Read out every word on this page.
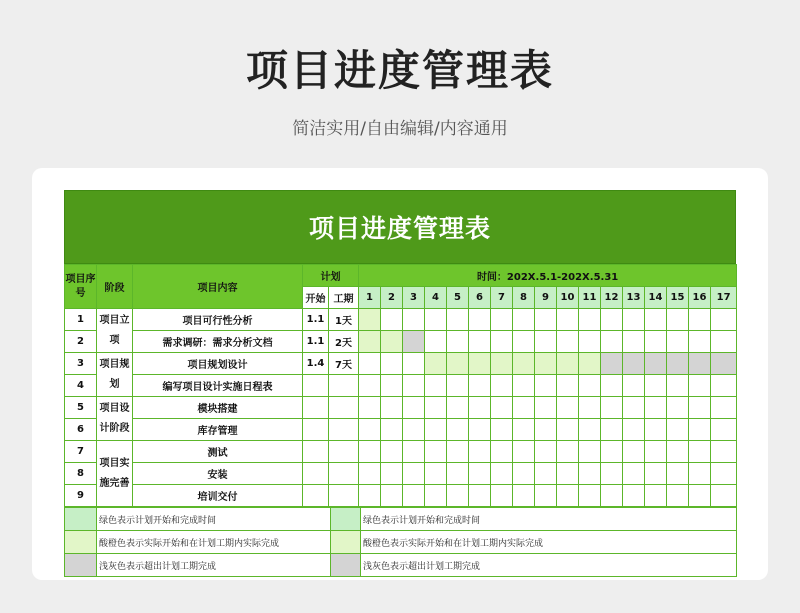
项目进度管理表
简洁实用/自由编辑/内容通用
项目进度管理表
项目序号	阶段	项目内容	计划		时间：202X.5.1-202X.5.31																
			开始	工期	1	2	3	4	5	6	7	8	9	10	11	12	13	14	15	16	17
1	项目立项	项目可行性分析	1.1	1天																	
2		需求调研：需求分析文档	1.1	2天																	
3	项目规划	项目规划设计	1.4	7天																	
4		编写项目设计实施日程表																			
5	项目设计阶段	模块搭建																			
6		库存管理																			
7	项目实施完善	测试																			
8		安装																			
9		培训交付																			
	绿色表示计划开始和完成时间		绿色表示计划开始和完成时间
	酸橙色表示实际开始和在计划工期内实际完成		酸橙色表示实际开始和在计划工期内实际完成
	浅灰色表示超出计划工期完成		浅灰色表示超出计划工期完成
